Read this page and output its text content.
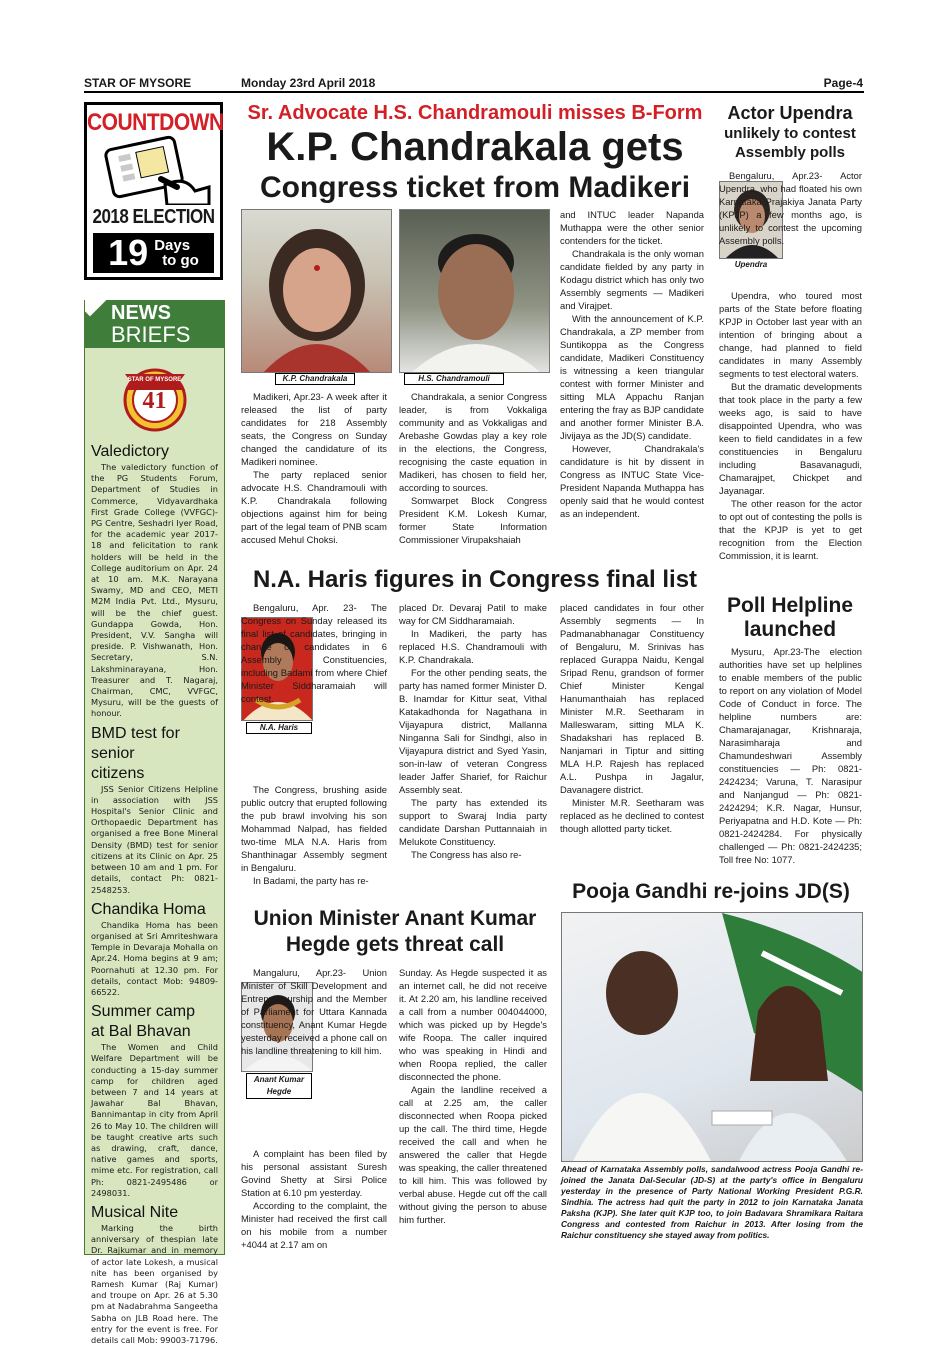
STAR OF MYSORE	Monday 23rd April 2018	Page-4
COUNTDOWN
2018 ELECTION
19 Days
to go
NEWS
BRIEFS
STAR OF MYSORE
41
Valedictory

The valedictory function of the PG Students Forum, Department of Studies in Commerce, Vidyavardhaka First Grade College (VVFGC)-PG Centre, Seshadri Iyer Road, for the academic year 2017-18 and felicitation to rank holders will be held in the College auditorium on Apr. 24 at 10 am. M.K. Narayana Swamy, MD and CEO, METI M2M India Pvt. Ltd., Mysuru, will be the chief guest. Gundappa Gowda, Hon. President, V.V. Sangha will preside. P. Vishwanath, Hon. Secretary, S.N. Lakshminarayana, Hon. Treasurer and T. Nagaraj, Chairman, CMC, VVFGC, Mysuru, will be the guests of honour.

BMD test for senior citizens

JSS Senior Citizens Helpline in association with JSS Hospital's Senior Clinic and Orthopaedic Department has organised a free Bone Mineral Density (BMD) test for senior citizens at its Clinic on Apr. 25 between 10 am and 1 pm. For details, contact Ph: 0821- 2548253.

Chandika Homa

Chandika Homa has been organised at Sri Amriteshwara Temple in Devaraja Mohalla on Apr.24. Homa begins at 9 am; Poornahuti at 12.30 pm. For details, contact Mob: 94809-66522.

Summer camp at Bal Bhavan

The Women and Child Welfare Department will be conducting a 15-day summer camp for children aged between 7 and 14 years at Jawahar Bal Bhavan, Bannimantap in city from April 26 to May 10. The children will be taught creative arts such as drawing, craft, dance, native games and sports, mime etc. For registration, call Ph: 0821-2495486 or 2498031.

Musical Nite

Marking the birth anniversary of thespian late Dr. Rajkumar and in memory of actor late Lokesh, a musical nite has been organised by Ramesh Kumar (Raj Kumar) and troupe on Apr. 26 at 5.30 pm at Nadabrahma Sangeetha Sabha on JLB Road here. The entry for the event is free. For details call Mob: 99003-71796.

Sr. Advocate H.S. Chandramouli misses B-Form
K.P. Chandrakala gets
Congress ticket from Madikeri
K.P. Chandrakala	H.S. Chandramouli

Madikeri, Apr.23- A week after it released the list of party candidates for 218 Assembly seats, the Congress on Sunday changed the candidature of its Madikeri nominee.

The party replaced senior advocate H.S. Chandramouli with K.P. Chandrakala following objections against him for being part of the legal team of PNB scam accused Mehul Choksi.

Chandrakala, a senior Congress leader, is from Vokkaliga community and as Vokkaligas and Arebashe Gowdas play a key role in the elections, the Congress, recognising the caste equation in Madikeri, has chosen to field her, according to sources.

Somwarpet Block Congress President K.M. Lokesh Kumar, former State Information Commissioner Virupakshaiah

and INTUC leader Napanda Muthappa were the other senior contenders for the ticket.

Chandrakala is the only woman candidate fielded by any party in Kodagu district which has only two Assembly segments — Madikeri and Virajpet.

With the announcement of K.P. Chandrakala, a ZP member from Suntikoppa as the Congress candidate, Madikeri Constituency is witnessing a keen triangular contest with former Minister and sitting MLA Appachu Ranjan entering the fray as BJP candidate and another former Minister B.A. Jivijaya as the JD(S) candidate.

However, Chandrakala's candidature is hit by dissent in Congress as INTUC State Vice-President Napanda Muthappa has openly said that he would contest as an independent.

Actor Upendra
unlikely to contest
Assembly polls
Upendra
Bengaluru, Apr.23- Actor Upendra, who had floated his own Karnataka Prajakiya Janata Party (KPJP) a few months ago, is unlikely to contest the upcoming Assembly polls.

Upendra, who toured most parts of the State before floating KPJP in October last year with an intention of bringing about a change, had planned to field candidates in many Assembly segments to test electoral waters.

But the dramatic developments that took place in the party a few weeks ago, is said to have disappointed Upendra, who was keen to field candidates in a few constituencies in Bengaluru including Basavanagudi, Chamarajpet, Chickpet and Jayanagar.

The other reason for the actor to opt out of contesting the polls is that the KPJP is yet to get recognition from the Election Commission, it is learnt.

Poll Helpline
launched

Mysuru, Apr.23-The election authorities have set up helplines to enable members of the public to report on any violation of Model Code of Conduct in force. The helpline numbers are: Chamarajanagar, Krishnaraja, Narasimharaja and Chamundeshwari Assembly constituencies — Ph: 0821-2424234; Varuna, T. Narasipur and Nanjangud — Ph: 0821-2424294; K.R. Nagar, Hunsur, Periyapatna and H.D. Kote — Ph: 0821-2424284. For physically challenged — Ph: 0821-2424235; Toll free No: 1077.

N.A. Haris figures in Congress final list
N.A. Haris
Bengaluru, Apr. 23- The Congress on Sunday released its final list of candidates, bringing in change of candidates in 6 Assembly Constituencies, including Badami from where Chief Minister Siddharamaiah will contest.

The Congress, brushing aside public outcry that erupted following the pub brawl involving his son Mohammad Nalpad, has fielded two-time MLA N.A. Haris from Shanthinagar Assembly segment in Bengaluru.

In Badami, the party has re-

placed Dr. Devaraj Patil to make way for CM Siddharamaiah.

In Madikeri, the party has replaced H.S. Chandramouli with K.P. Chandrakala.

For the other pending seats, the party has named former Minister D. B. Inamdar for Kittur seat, Vithal Katakadhonda for Nagathana in Vijayapura district, Mallanna Ninganna Sali for Sindhgi, also in Vijayapura district and Syed Yasin, son-in-law of veteran Congress leader Jaffer Sharief, for Raichur Assembly seat.

The party has extended its support to Swaraj India party candidate Darshan Puttannaiah in Melukote Constituency.

The Congress has also re-

placed candidates in four other Assembly segments — In Padmanabhanagar Constituency of Bengaluru, M. Srinivas has replaced Gurappa Naidu, Kengal Sripad Renu, grandson of former Chief Minister Kengal Hanumanthaiah has replaced Minister M.R. Seetharam in Malleswaram, sitting MLA K. Shadakshari has replaced B. Nanjamari in Tiptur and sitting MLA H.P. Rajesh has replaced A.L. Pushpa in Jagalur, Davanagere district.

Minister M.R. Seetharam was replaced as he declined to contest though allotted party ticket.

Union Minister Anant Kumar
Hegde gets threat call
Anant Kumar
Hegde
Mangaluru, Apr.23- Union Minister of Skill Development and Entrepreneurship and the Member of Parliament for Uttara Kannada constituency, Anant Kumar Hegde yesterday received a phone call on his landline threatening to kill him.

A complaint has been filed by his personal assistant Suresh Govind Shetty at Sirsi Police Station at 6.10 pm yesterday.

According to the complaint, the Minister had received the first call on his mobile from a number +4044 at 2.17 am on

Sunday. As Hegde suspected it as an internet call, he did not receive it. At 2.20 am, his landline received a call from a number 004044000, which was picked up by Hegde's wife Roopa. The caller inquired who was speaking in Hindi and when Roopa replied, the caller disconnected the phone.

Again the landline received a call at 2.25 am, the caller disconnected when Roopa picked up the call. The third time, Hegde received the call and when he answered the caller that Hegde was speaking, the caller threatened to kill him. This was followed by verbal abuse. Hegde cut off the call without giving the person to abuse him further.

Pooja Gandhi re-joins JD(S)
Ahead of Karnataka Assembly polls, sandalwood actress Pooja Gandhi re-joined the Janata Dal-Secular (JD-S) at the party's office in Bengaluru yesterday in the presence of Party National Working President P.G.R. Sindhia. The actress had quit the party in 2012 to join Karnataka Janata Paksha (KJP). She later quit KJP too, to join Badavara Shramikara Raitara Congress and contested from Raichur in 2013. After losing from the Raichur constituency she stayed away from politics.
